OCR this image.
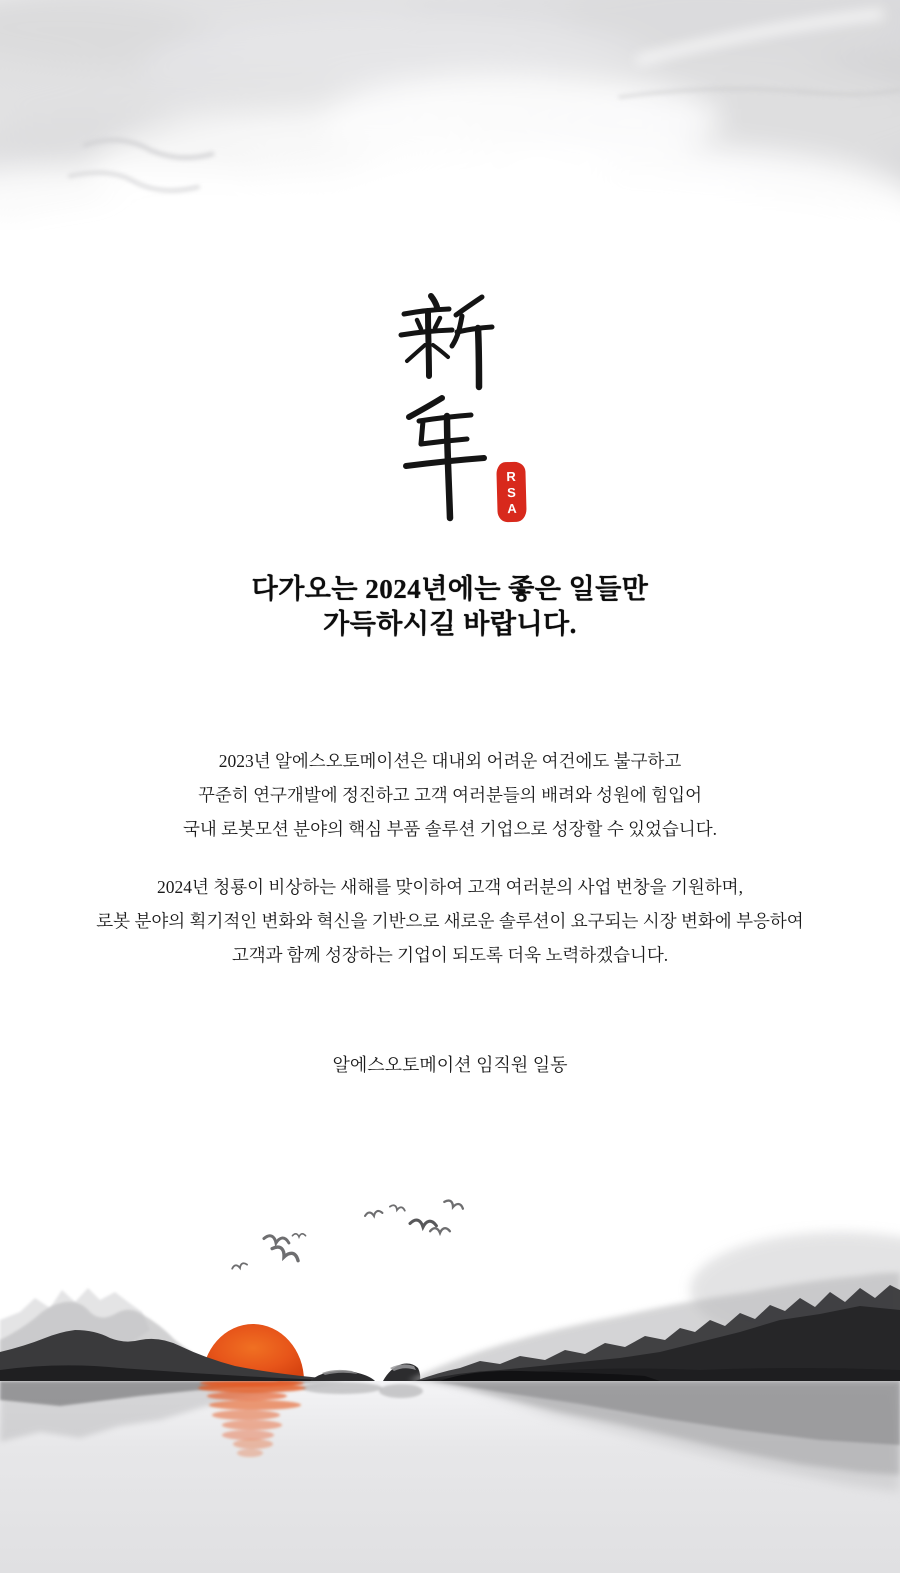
R
S
A
다가오는 2024년에는 좋은 일들만
가득하시길 바랍니다.
2023년 알에스오토메이션은 대내외 어려운 여건에도 불구하고
꾸준히 연구개발에 정진하고 고객 여러분들의 배려와 성원에 힘입어
국내 로봇모션 분야의 핵심 부품 솔루션 기업으로 성장할 수 있었습니다.
2024년 청룡이 비상하는 새해를 맞이하여 고객 여러분의 사업 번창을 기원하며,
로봇 분야의 획기적인 변화와 혁신을 기반으로 새로운 솔루션이 요구되는 시장 변화에 부응하여
고객과 함께 성장하는 기업이 되도록 더욱 노력하겠습니다.
알에스오토메이션 임직원 일동
